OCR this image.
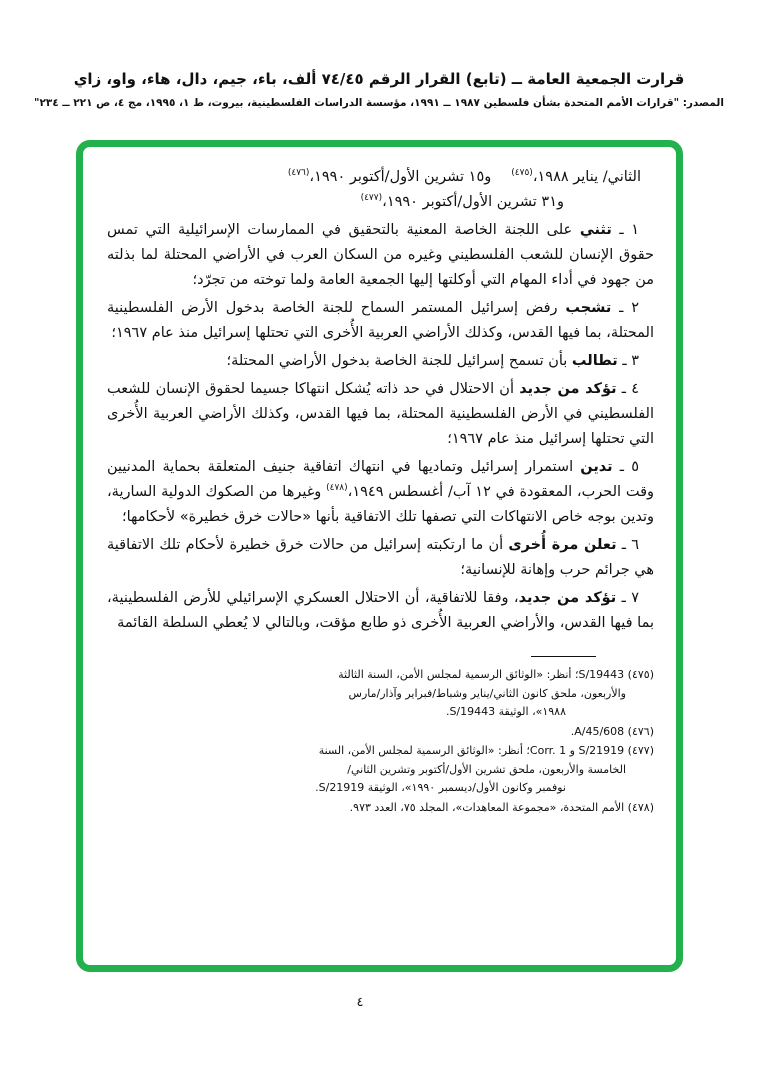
قرارت الجمعية العامة ــ (تابع) القرار الرقم ٧٤/٤٥ ألف، باء، جيم، دال، هاء، واو، زاي
المصدر: "قرارات الأمم المتحدة بشأن فلسطين ١٩٨٧ ــ ١٩٩١، مؤسسة الدراسات الفلسطينية، بيروت، ط ١، ١٩٩٥، مج ٤، ص ٢٢١ ــ ٢٣٤"
الثاني/ يناير ١٩٨٨،$^{(٤٧٥)}$و١٥ تشرين الأول/أكتوبر ١٩٩٠،$^{(٤٧٦)}$
و٣١ تشرين الأول/أكتوبر ١٩٩٠،$^{(٤٧٧)}$

١ ـ تثني على اللجنة الخاصة المعنية بالتحقيق في الممارسات الإسرائيلية التي تمس حقوق الإنسان للشعب الفلسطيني وغيره من السكان العرب في الأراضي المحتلة لما بذلته من جهود في أداء المهام التي أوكلتها إليها الجمعية العامة ولما توخته من تجرّد؛

٢ ـ تشجب رفض إسرائيل المستمر السماح للجنة الخاصة بدخول الأرض الفلسطينية المحتلة، بما فيها القدس، وكذلك الأراضي العربية الأُخرى التي تحتلها إسرائيل منذ عام ١٩٦٧؛

٣ ـ تطالب بأن تسمح إسرائيل للجنة الخاصة بدخول الأراضي المحتلة؛

٤ ـ تؤكد من جديد أن الاحتلال في حد ذاته يُشكل انتهاكا جسيما لحقوق الإنسان للشعب الفلسطيني في الأرض الفلسطينية المحتلة، بما فيها القدس، وكذلك الأراضي العربية الأُخرى التي تحتلها إسرائيل منذ عام ١٩٦٧؛

٥ ـ تدين استمرار إسرائيل وتماديها في انتهاك اتفاقية جنيف المتعلقة بحماية المدنيين وقت الحرب، المعقودة في ١٢ آب/ أغسطس ١٩٤٩،$^{(٤٧٨)}$ وغيرها من الصكوك الدولية السارية، وتدين بوجه خاص الانتهاكات التي تصفها تلك الاتفاقية بأنها «حالات خرق خطيرة» لأحكامها؛

٦ ـ تعلن مرة أُخرى أن ما ارتكبته إسرائيل من حالات خرق خطيرة لأحكام تلك الاتفاقية هي جرائم حرب وإهانة للإنسانية؛

٧ ـ تؤكد من جديد، وفقا للاتفاقية، أن الاحتلال العسكري الإسرائيلي للأرض الفلسطينية، بما فيها القدس، والأراضي العربية الأُخرى ذو طابع مؤقت، وبالتالي لا يُعطي السلطة القائمة

(٤٧٥) S/19443؛ أنظر: «الوثائق الرسمية لمجلس الأمن، السنة الثالثة
والأربعون، ملحق كانون الثاني/يناير وشباط/فبراير وآذار/مارس
١٩٨٨»، الوثيقة S/19443.
(٤٧٦) A/45/608.
(٤٧٧) S/21919 و Corr. 1؛ أنظر: «الوثائق الرسمية لمجلس الأمن، السنة
الخامسة والأربعون، ملحق تشرين الأول/أكتوبر وتشرين الثاني/
نوفمبر وكانون الأول/ديسمبر ١٩٩٠»، الوثيقة S/21919.
(٤٧٨) الأمم المتحدة، «مجموعة المعاهدات»، المجلد ٧٥، العدد ٩٧٣.
٤
